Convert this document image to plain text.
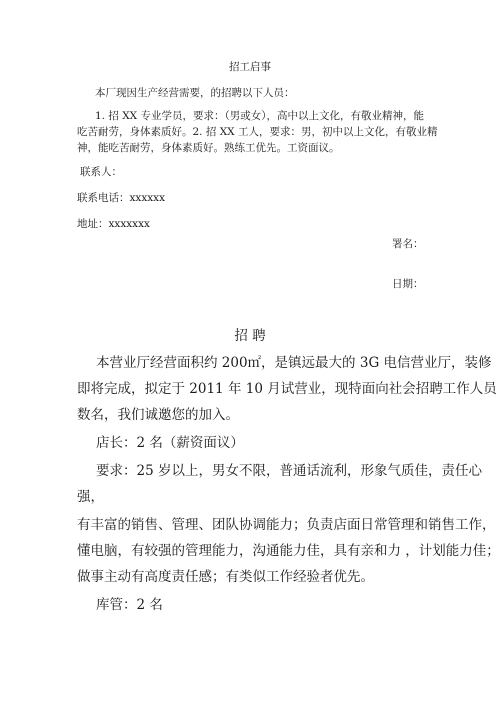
招工启事
本厂现因生产经营需要，的招聘以下人员：
1. 招 XX 专业学员，要求：（男或女），高中以上文化，有敬业精神，能
吃苦耐劳，身体素质好。2. 招 XX 工人，要求：男，初中以上文化，有敬业精
神，能吃苦耐劳，身体素质好。熟练工优先。工资面议。
联系人：
联系电话：xxxxxx
地址：xxxxxxx
署名：
日期：
招 聘
本营业厅经营面积约 200㎡，是镇远最大的 3G 电信营业厅，装修
即将完成，拟定于 2011 年 10 月试营业，现特面向社会招聘工作人员
数名，我们诚邀您的加入。
店长：2 名（薪资面议）
要求：25 岁以上，男女不限，普通话流利，形象气质佳，责任心
强，
有丰富的销售、管理、团队协调能力；负责店面日常管理和销售工作，
懂电脑，有较强的管理能力，沟通能力佳，具有亲和力 ，计划能力佳；
做事主动有高度责任感；有类似工作经验者优先。
库管：2 名
